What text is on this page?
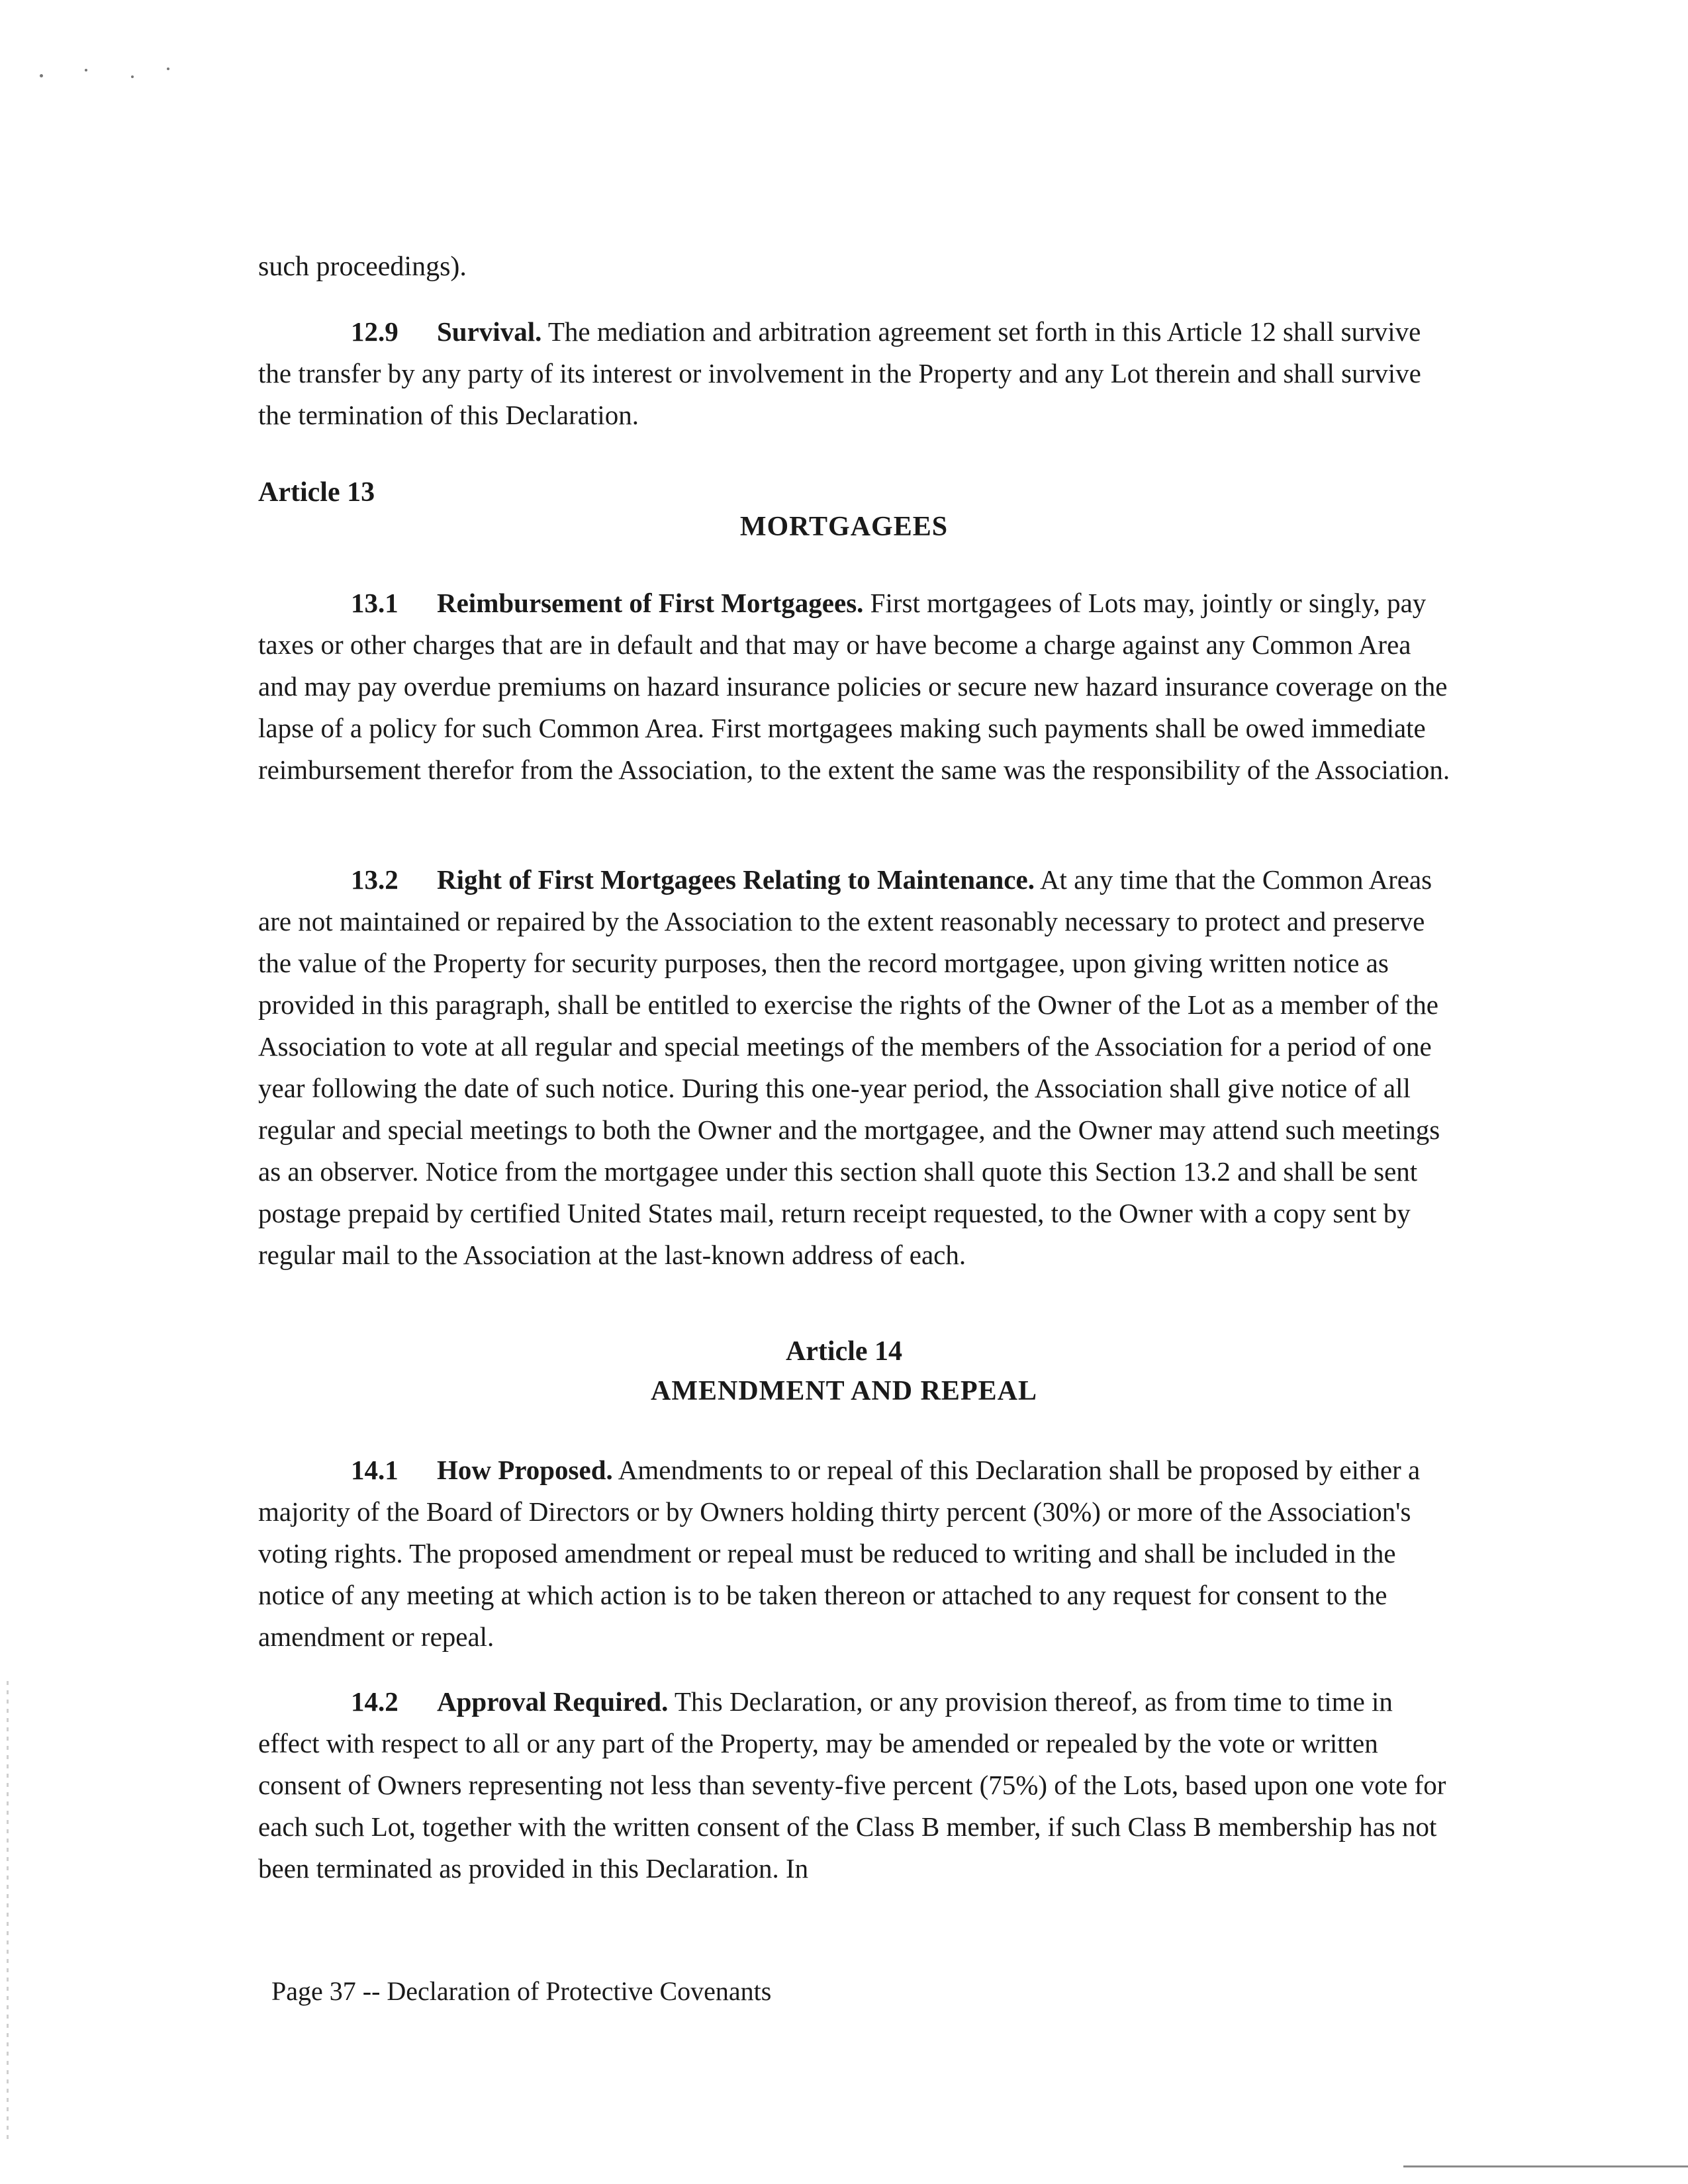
such proceedings).

12.9 Survival. The mediation and arbitration agreement set forth in this Article 12 shall survive the transfer by any party of its interest or involvement in the Property and any Lot therein and shall survive the termination of this Declaration.

Article 13
MORTGAGEES

13.1 Reimbursement of First Mortgagees. First mortgagees of Lots may, jointly or singly, pay taxes or other charges that are in default and that may or have become a charge against any Common Area and may pay overdue premiums on hazard insurance policies or secure new hazard insurance coverage on the lapse of a policy for such Common Area. First mortgagees making such payments shall be owed immediate reimbursement therefor from the Association, to the extent the same was the responsibility of the Association.

13.2 Right of First Mortgagees Relating to Maintenance. At any time that the Common Areas are not maintained or repaired by the Association to the extent reasonably necessary to protect and preserve the value of the Property for security purposes, then the record mortgagee, upon giving written notice as provided in this paragraph, shall be entitled to exercise the rights of the Owner of the Lot as a member of the Association to vote at all regular and special meetings of the members of the Association for a period of one year following the date of such notice. During this one-year period, the Association shall give notice of all regular and special meetings to both the Owner and the mortgagee, and the Owner may attend such meetings as an observer. Notice from the mortgagee under this section shall quote this Section 13.2 and shall be sent postage prepaid by certified United States mail, return receipt requested, to the Owner with a copy sent by regular mail to the Association at the last-known address of each.

Article 14
AMENDMENT AND REPEAL

14.1 How Proposed. Amendments to or repeal of this Declaration shall be proposed by either a majority of the Board of Directors or by Owners holding thirty percent (30%) or more of the Association's voting rights. The proposed amendment or repeal must be reduced to writing and shall be included in the notice of any meeting at which action is to be taken thereon or attached to any request for consent to the amendment or repeal.

14.2 Approval Required. This Declaration, or any provision thereof, as from time to time in effect with respect to all or any part of the Property, may be amended or repealed by the vote or written consent of Owners representing not less than seventy-five percent (75%) of the Lots, based upon one vote for each such Lot, together with the written consent of the Class B member, if such Class B membership has not been terminated as provided in this Declaration. In

Page 37 -- Declaration of Protective Covenants
